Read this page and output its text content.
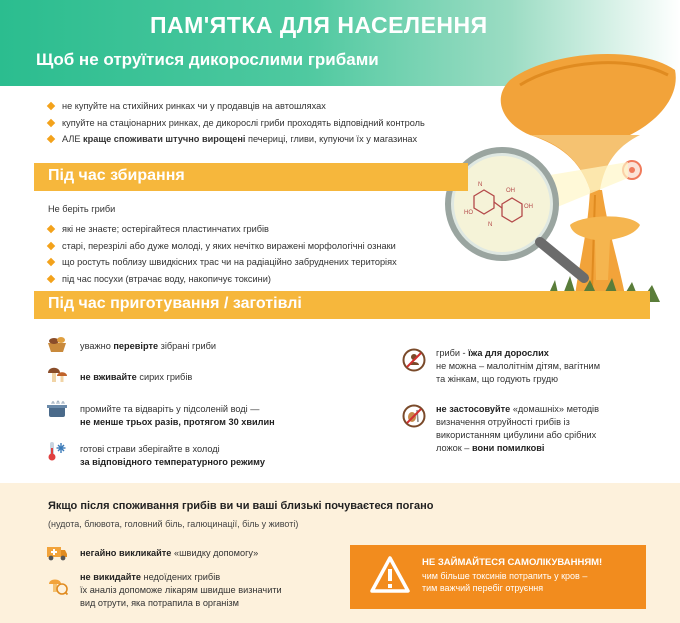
ПАМ'ЯТКА ДЛЯ НАСЕЛЕННЯ
Щоб не отруїтися дикорослими грибами
N
OH
HO
OH
N
не купуйте на стихійних ринках чи у продавців на автошляхах
купуйте на стаціонарних ринках, де дикорослі гриби проходять відповідний контроль
АЛЕ краще споживати штучно вирощені печериці, гливи, купуючи їх у магазинах
Під час збирання
Не беріть гриби
які не знаєте; остерігайтеся пластинчатих грибів
старі, перезрілі або дуже молоді, у яких нечітко виражені морфологічні ознаки
що ростуть поблизу швидкісних трас чи на радіаційно забруднених територіях
під час посухи (втрачає воду, накопичує токсини)
Під час приготування / заготівлі
уважно перевірте зібрані гриби
не вживайте сирих грибів
промийте та відваріть у підсоленій воді —
не менше трьох разів, протягом 30 хвилин
готові страви зберігайте в холоді
за відповідного температурного режиму
гриби - їжа для дорослих
не можна – малолітнім дітям, вагітним
та жінкам, що годують грудю
не застосовуйте «домашніх» методів
визначення отруйності грибів із
використанням цибулини або срібних
ложок – вони помилкові
Якщо після споживання грибів ви чи ваші близькі почуваєтеся погано
(нудота, блювота, головний біль, галюцинації, біль у животі)
негайно викликайте «швидку допомогу»
не викидайте недоїдених грибів
їх аналіз допоможе лікарям швидше визначити
вид отрути, яка потрапила в організм
НЕ ЗАЙМАЙТЕСЯ САМОЛІКУВАННЯМ!
чим більше токсинів потрапить у кров –
тим важчий перебіг отруєння
